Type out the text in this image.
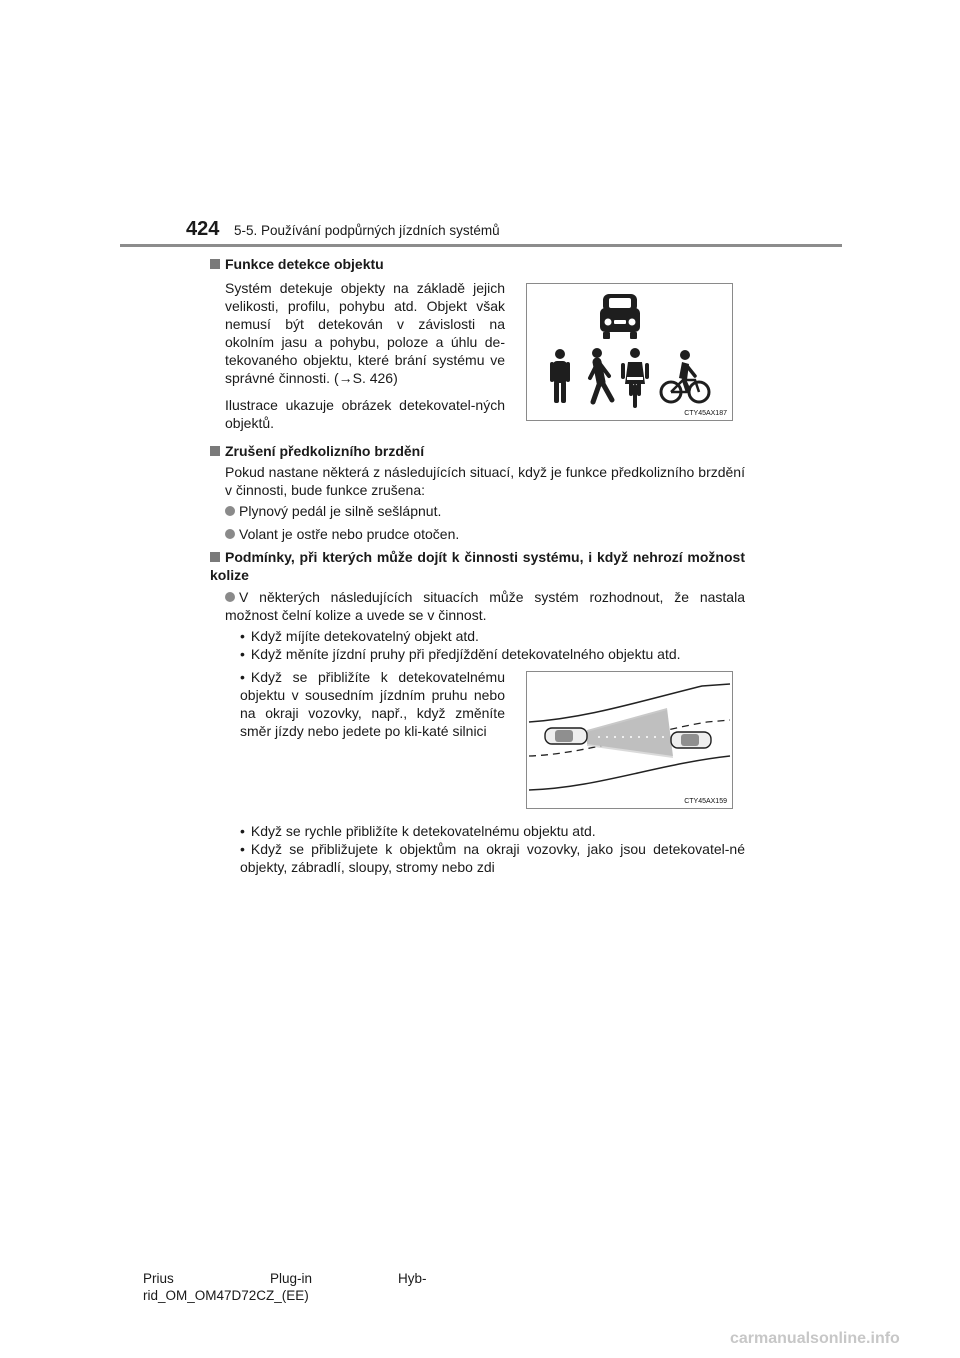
424 5-5. Používání podpůrných jízdních systémů
Funkce detekce objektu
Systém detekuje objekty na základě jejich velikosti, profilu, pohybu atd. Objekt však nemusí být detekován v závislosti na okolním jasu a pohybu, poloze a úhlu de-tekovaného objektu, které brání systému ve správné činnosti. (→S. 426)
Ilustrace ukazuje obrázek detekovatel-ných objektů.
CTY45AX187
Zrušení předkolizního brzdění
Pokud nastane některá z následujících situací, když je funkce předkolizního brzdění v činnosti, bude funkce zrušena:
Plynový pedál je silně sešlápnut.
Volant je ostře nebo prudce otočen.
Podmínky, při kterých může dojít k činnosti systému, i když nehrozí možnost kolize
V některých následujících situacích může systém rozhodnout, že nastala možnost čelní kolize a uvede se v činnost.
• Když míjíte detekovatelný objekt atd.
• Když měníte jízdní pruhy při předjíždění detekovatelného objektu atd.
• Když se přibližíte k detekovatelnému objektu v sousedním jízdním pruhu nebo na okraji vozovky, např., když změníte směr jízdy nebo jedete po kli-katé silnici
CTY45AX159
• Když se rychle přibližíte k detekovatelnému objektu atd.
• Když se přibližujete k objektům na okraji vozovky, jako jsou detekovatel-né objekty, zábradlí, sloupy, stromy nebo zdi
Prius	Plug-in	Hyb-
rid_OM_OM47D72CZ_(EE)
carmanualsonline.info
